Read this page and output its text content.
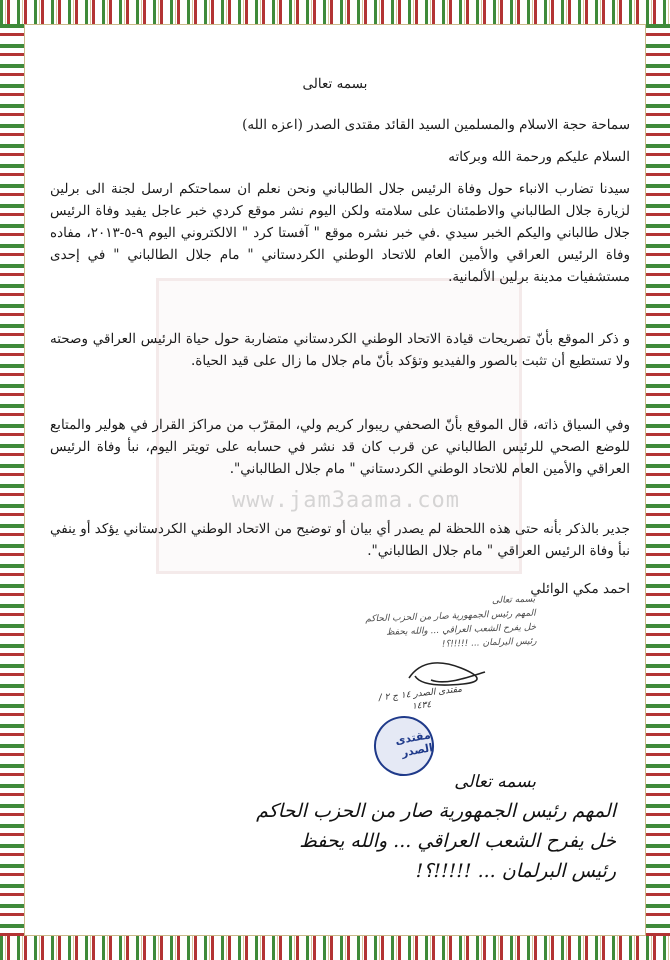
www.jam3aama.com
بسمه تعالى
سماحة حجة الاسلام والمسلمين السيد القائد مقتدى الصدر (اعزه الله)
السلام عليكم ورحمة الله وبركاته

سيدنا تضارب الانباء حول وفاة الرئيس جلال الطالباني ونحن نعلم ان سماحتكم ارسل لجنة الى برلين لزيارة جلال الطالباني والاطمئنان على سلامته ولكن اليوم نشر موقع كردي خبر عاجل يفيد وفاة الرئيس جلال طالباني واليكم الخبر سيدي .في خبر نشره موقع " آفستا كرد " الالكتروني اليوم ٩-٥-٢٠١٣، مفاده وفاة الرئيس العراقي والأمين العام للاتحاد الوطني الكردستاني " مام جلال الطالباني " في إحدى مستشفيات مدينة برلين الألمانية.

و ذكر الموقع بأنّ تصريحات قيادة الاتحاد الوطني الكردستاني متضاربة حول حياة الرئيس العراقي وصحته ولا تستطيع أن تثبت بالصور والفيديو وتؤكد بأنّ مام جلال ما زال على قيد الحياة.

وفي السياق ذاته، قال الموقع بأنّ الصحفي ريبوار كريم ولي، المقرّب من مراكز القرار في هولير والمتابع للوضع الصحي للرئيس الطالباني عن قرب كان قد نشر في حسابه على تويتر اليوم، نبأ وفاة الرئيس العراقي والأمين العام للاتحاد الوطني الكردستاني " مام جلال الطالباني".

جدير بالذكر بأنه حتى هذه اللحظة لم يصدر أي بيان أو توضيح من الاتحاد الوطني الكردستاني يؤكد أو ينفي نبأ وفاة الرئيس العراقي " مام جلال الطالباني".

احمد مكي الوائلي
بسمه تعالى
المهم رئيس الجمهورية صار من الحزب الحاكم
خل يفرح الشعب العراقي ... والله يحفظ
رئيس البرلمان ... !!!!!؟!
مقتدى الصدر ١٤ ج ٢ / ١٤٣٤
مقتدى الصدر
بسمه تعالى
المهم رئيس الجمهورية صار من الحزب الحاكم
خل يفرح الشعب العراقي ... والله يحفظ
رئيس البرلمان ... !!!!!؟!
